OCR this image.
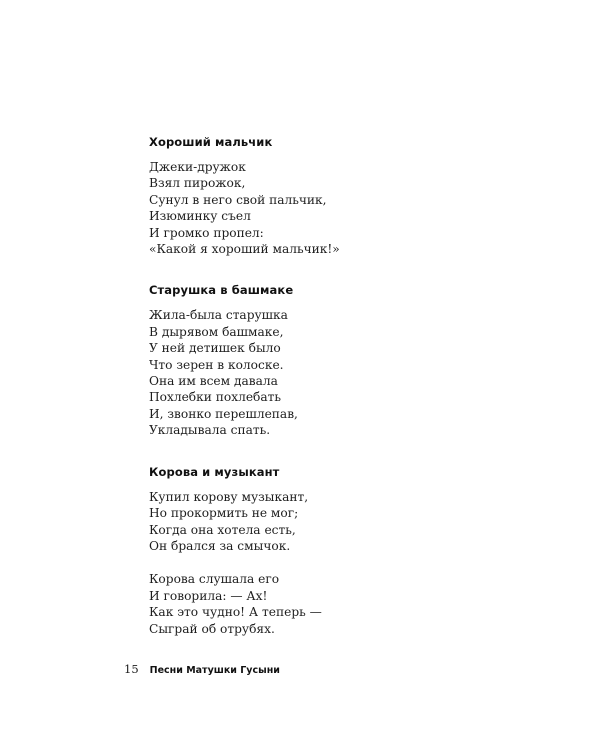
Хороший мальчик
Джеки-дружок
Взял пирожок,
Сунул в него свой пальчик,
Изюминку съел
И громко пропел:
«Какой я хороший мальчик!»
Старушка в башмаке
Жила-была старушка
В дырявом башмаке,
У ней детишек было
Что зерен в колоске.
Она им всем давала
Похлебки похлебать
И, звонко перешлепав,
Укладывала спать.
Корова и музыкант
Купил корову музыкант,
Но прокормить не мог;
Когда она хотела есть,
Он брался за смычок.
Корова слушала его
И говорила: — Ах!
Как это чудно! А теперь —
Сыграй об отрубях.
15 Песни Матушки Гусыни
